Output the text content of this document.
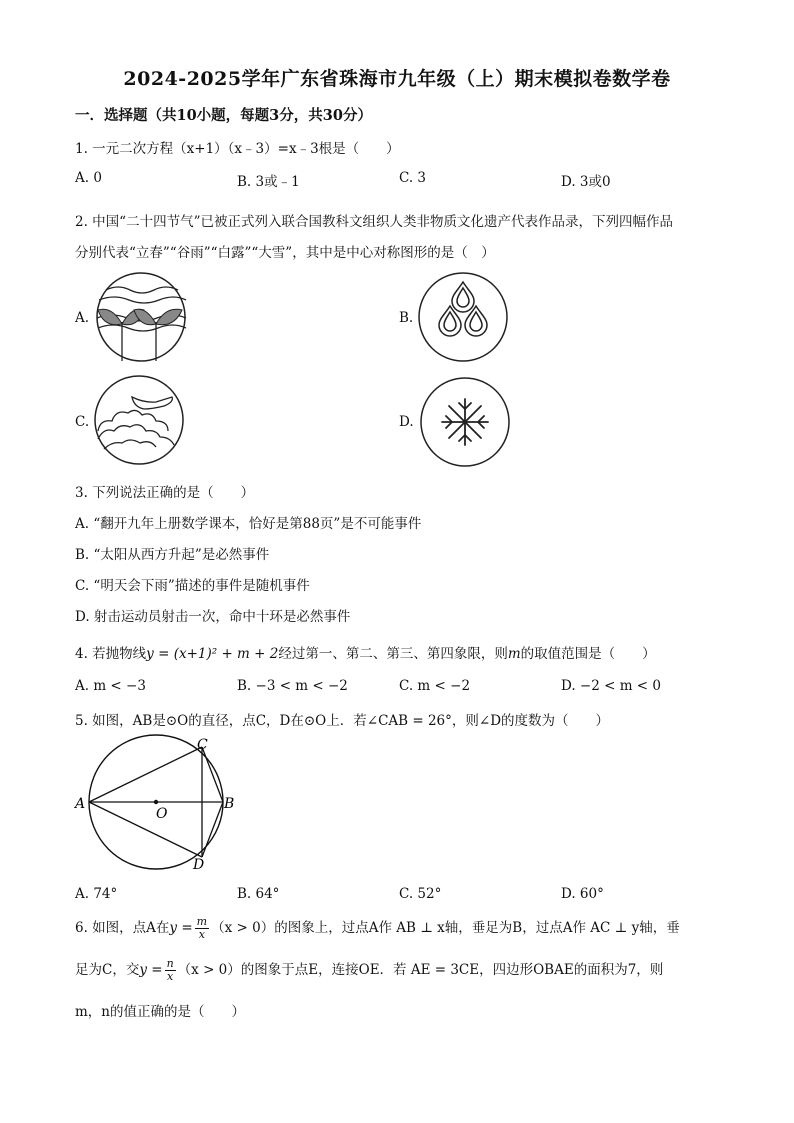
2024-2025学年广东省珠海市九年级（上）期末模拟卷数学卷
一．选择题（共10小题，每题3分，共30分）
1. 一元二次方程（x+1）（x﹣3）=x﹣3根是（　　）
A. 0	B. 3或﹣1	C. 3	D. 3或0
2. 中国“二十四节气”已被正式列入联合国教科文组织人类非物质文化遗产代表作品录，下列四幅作品
分别代表“立春”“谷雨”“白露”“大雪”，其中是中心对称图形的是（　）
A.	B.
C.	D.
3. 下列说法正确的是（　　）
A. “翻开九年上册数学课本，恰好是第88页”是不可能事件
B. “太阳从西方升起”是必然事件
C. “明天会下雨”描述的事件是随机事件
D. 射击运动员射击一次，命中十环是必然事件
4. 若抛物线y = (x+1)² + m + 2经过第一、第二、第三、第四象限，则m的取值范围是（　　）
A. m < −3	B. −3 < m < −2	C. m < −2	D. −2 < m < 0
5. 如图，AB是⊙O的直径，点C，D在⊙O上．若∠CAB = 26°，则∠D的度数为（　　）
A	B
C
D
O
A. 74°	B. 64°	C. 52°	D. 60°
6. 如图，点A在$y = \frac{m}{x} (x > 0)$的图象上，过点A作 AB ⊥ x轴，垂足为B，过点A作 AC ⊥ y轴，垂
足为C，交$y = \frac{n}{x} (x > 0)$的图象于点E，连接OE．若 AE = 3CE，四边形OBAE的面积为7，则
m，n的值正确的是（　　）
